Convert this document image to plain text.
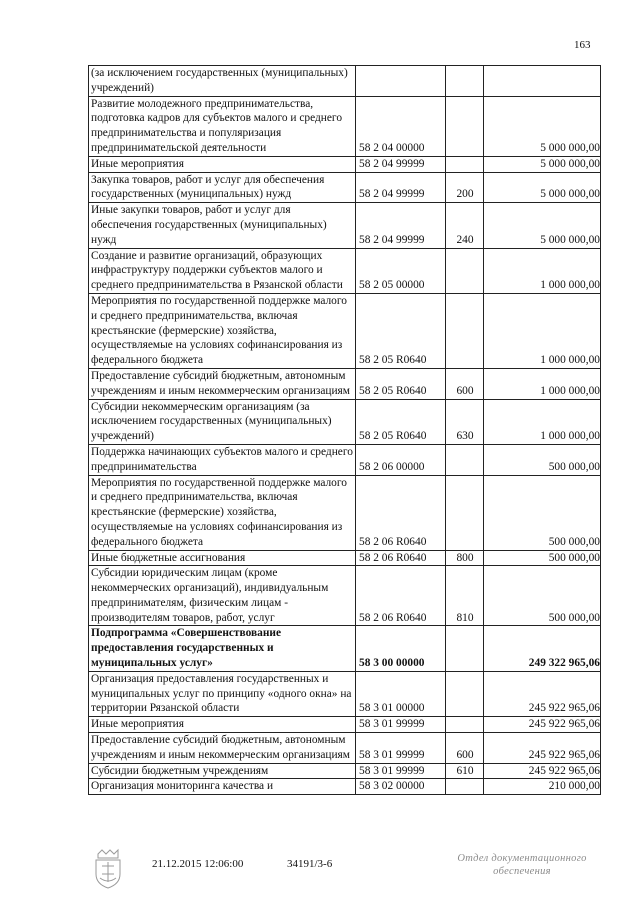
163
(за исключением государственных (муниципальных) учреждений)			
Развитие молодежного предпринимательства, подготовка кадров для субъектов малого и среднего предпринимательства и популяризация предпринимательской деятельности	58 2 04 00000		5 000 000,00
Иные мероприятия	58 2 04 99999		5 000 000,00
Закупка товаров, работ и услуг для обеспечения государственных (муниципальных) нужд	58 2 04 99999	200	5 000 000,00
Иные закупки товаров, работ и услуг для обеспечения государственных (муниципальных) нужд	58 2 04 99999	240	5 000 000,00
Создание и развитие организаций, образующих инфраструктуру поддержки субъектов малого и среднего предпринимательства в Рязанской области	58 2 05 00000		1 000 000,00
Мероприятия по государственной поддержке малого и среднего предпринимательства, включая крестьянские (фермерские) хозяйства, осуществляемые на условиях софинансирования из федерального бюджета	58 2 05 R0640		1 000 000,00
Предоставление субсидий бюджетным, автономным учреждениям и иным некоммерческим организациям	58 2 05 R0640	600	1 000 000,00
Субсидии некоммерческим организациям (за исключением государственных (муниципальных) учреждений)	58 2 05 R0640	630	1 000 000,00
Поддержка начинающих субъектов малого и среднего предпринимательства	58 2 06 00000		500 000,00
Мероприятия по государственной поддержке малого и среднего предпринимательства, включая крестьянские (фермерские) хозяйства, осуществляемые на условиях софинансирования из федерального бюджета	58 2 06 R0640		500 000,00
Иные бюджетные ассигнования	58 2 06 R0640	800	500 000,00
Субсидии юридическим лицам (кроме некоммерческих организаций), индивидуальным предпринимателям, физическим лицам - производителям товаров, работ, услуг	58 2 06 R0640	810	500 000,00
Подпрограмма «Совершенствование предоставления государственных и муниципальных услуг»	58 3 00 00000		249 322 965,06
Организация предоставления государственных и муниципальных услуг по принципу «одного окна» на территории Рязанской области	58 3 01 00000		245 922 965,06
Иные мероприятия	58 3 01 99999		245 922 965,06
Предоставление субсидий бюджетным, автономным учреждениям и иным некоммерческим организациям	58 3 01 99999	600	245 922 965,06
Субсидии бюджетным учреждениям	58 3 01 99999	610	245 922 965,06
Организация мониторинга качества и	58 3 02 00000		210 000,00
21.12.2015 12:06:00	34191/3-6	Отдел документационного
обеспечения
